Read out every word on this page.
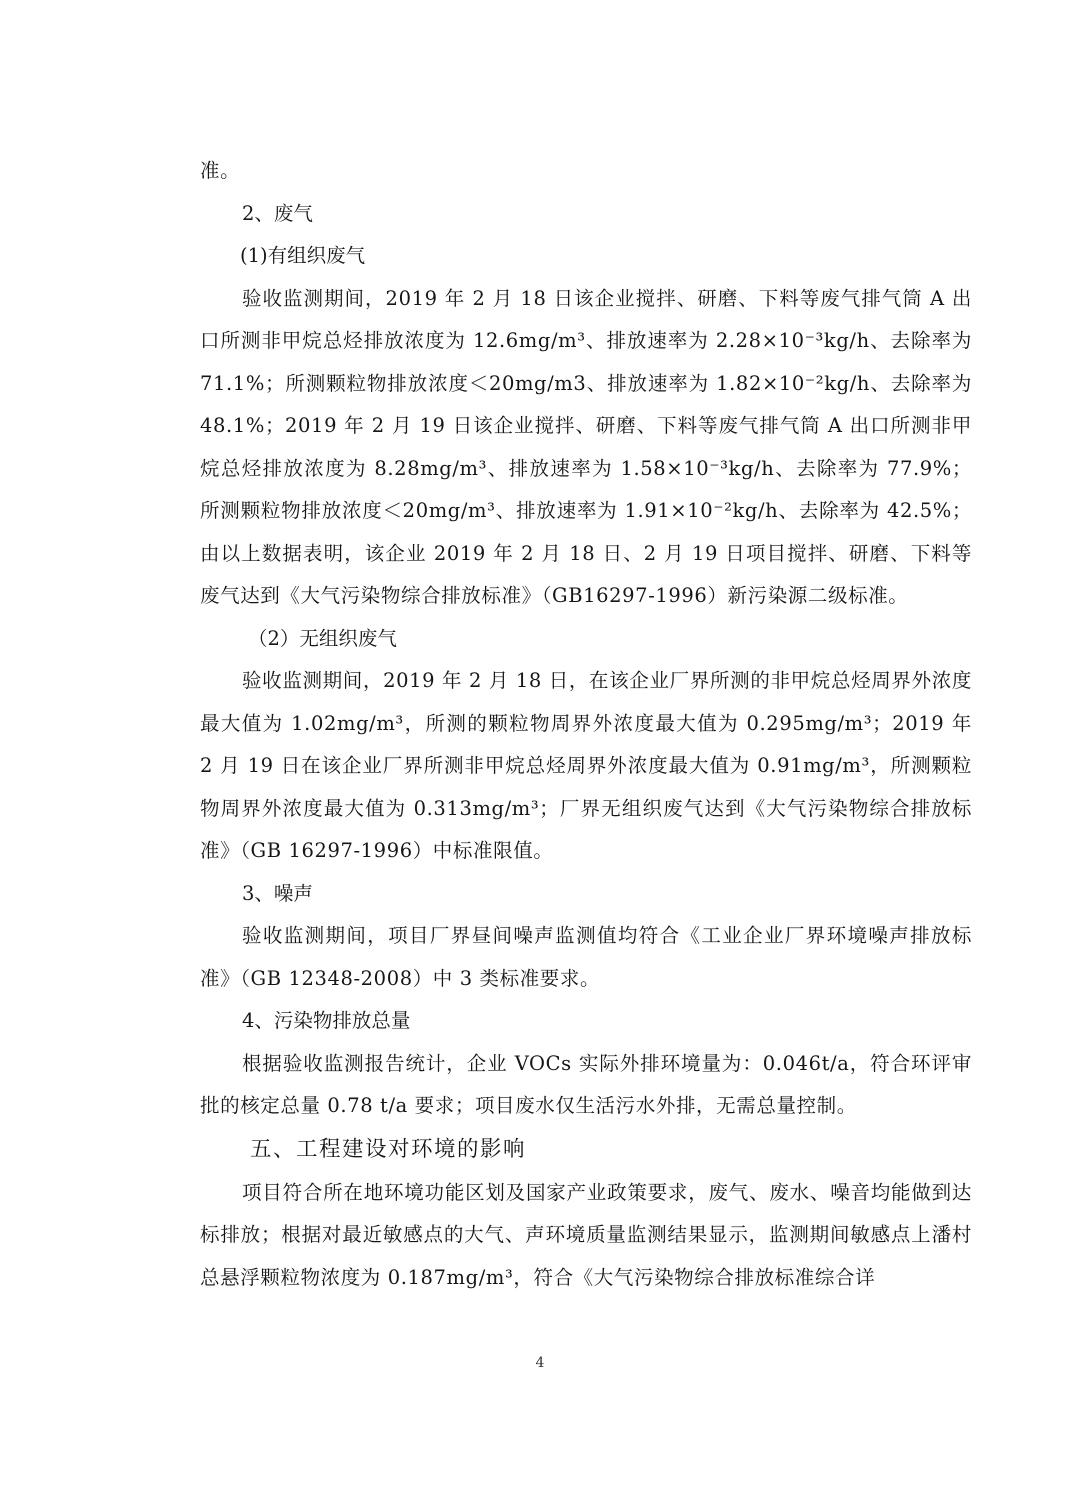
准。

2、废气

(1)有组织废气

验收监测期间，2019 年 2 月 18 日该企业搅拌、研磨、下料等废气排气筒 A 出口所测非甲烷总烃排放浓度为 12.6mg/m³、排放速率为 2.28×10⁻³kg/h、去除率为 71.1%；所测颗粒物排放浓度＜20mg/m3、排放速率为 1.82×10⁻²kg/h、去除率为 48.1%；2019 年 2 月 19 日该企业搅拌、研磨、下料等废气排气筒 A 出口所测非甲烷总烃排放浓度为 8.28mg/m³、排放速率为 1.58×10⁻³kg/h、去除率为 77.9%；所测颗粒物排放浓度＜20mg/m³、排放速率为 1.91×10⁻²kg/h、去除率为 42.5%；由以上数据表明，该企业 2019 年 2 月 18 日、2 月 19 日项目搅拌、研磨、下料等废气达到《大气污染物综合排放标准》（GB16297-1996）新污染源二级标准。

（2）无组织废气

验收监测期间，2019 年 2 月 18 日，在该企业厂界所测的非甲烷总烃周界外浓度最大值为 1.02mg/m³，所测的颗粒物周界外浓度最大值为 0.295mg/m³；2019 年 2 月 19 日在该企业厂界所测非甲烷总烃周界外浓度最大值为 0.91mg/m³，所测颗粒物周界外浓度最大值为 0.313mg/m³；厂界无组织废气达到《大气污染物综合排放标准》（GB 16297-1996）中标准限值。

3、噪声

验收监测期间，项目厂界昼间噪声监测值均符合《工业企业厂界环境噪声排放标准》（GB 12348-2008）中 3 类标准要求。

4、污染物排放总量

根据验收监测报告统计，企业 VOCs 实际外排环境量为：0.046t/a，符合环评审批的核定总量 0.78 t/a 要求；项目废水仅生活污水外排，无需总量控制。

五、工程建设对环境的影响

项目符合所在地环境功能区划及国家产业政策要求，废气、废水、噪音均能做到达标排放；根据对最近敏感点的大气、声环境质量监测结果显示，监测期间敏感点上潘村总悬浮颗粒物浓度为 0.187mg/m³，符合《大气污染物综合排放标准综合详

4
